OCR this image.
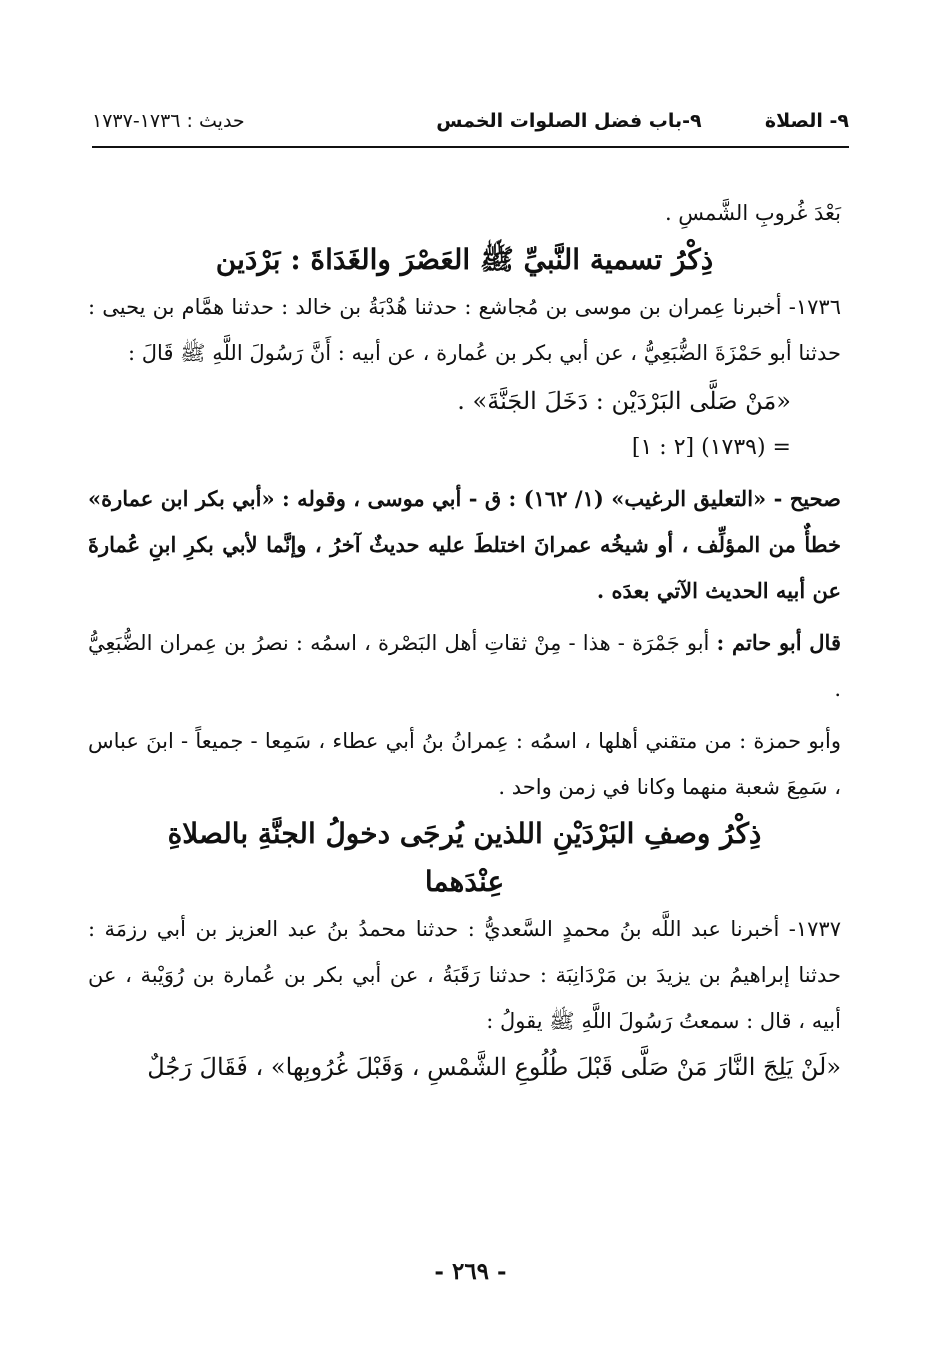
٩- الصلاة  ٩-باب فضل الصلوات الخمس
حديث : ١٧٣٦-١٧٣٧

بَعْدَ غُروبِ الشَّمسِ .

ذِكْرُ تسمية النَّبيِّ ﷺ العَصْرَ والغَدَاةَ : بَرْدَين

١٧٣٦- أخبرنا عِمران بن موسى بن مُجاشع : حدثنا هُدْبَةُ بن خالد : حدثنا همَّام بن يحيى : حدثنا أبو حَمْزَةَ الضُّبَعِيُّ ، عن أبي بكر بن عُمارة ، عن أبيه : أَنَّ رَسُولَ اللَّهِ ﷺ قَالَ :

«مَنْ صَلَّى البَرْدَيْن : دَخَلَ الجَنَّةَ» .

= (١٧٣٩) [٢ : ١]

صحيح - «التعليق الرغيب» (١/ ١٦٢) : ق - أبي موسى ، وقوله : «أبي بكر ابن عمارة» خطأٌ من المؤلِّف ، أو شيخُه عمرانَ اختلطَ عليه حديثٌ آخرُ ، وإنَّما لأبي بكرِ ابنِ عُمارةَ عن أبيه الحديث الآتي بعدَه .

قال أبو حاتم : أبو جَمْرَة - هذا - مِنْ ثقاتِ أهل البَصْرة ، اسمُه : نصرُ بن عِمران الضُّبَعِيُّ .

وأبو حمزة : من متقني أهلها ، اسمُه : عِمرانُ بنُ أبي عطاء ، سَمِعا - جميعاً - ابنَ عباس ، سَمِعَ شعبة منهما وكانا في زمن واحد .

ذِكْرُ وصفِ البَرْدَيْنِ اللذين يُرجَى دخولُ الجنَّةِ بالصلاةِ

عِنْدَهما

١٧٣٧- أخبرنا عبد اللَّه بنُ محمدٍ السَّعديُّ : حدثنا محمدُ بنُ عبد العزيز بن أبي رزمَة : حدثنا إبراهيمُ بن يزيدَ بن مَرْدَانِبَة : حدثنا رَقَبَةُ ، عن أبي بكر بن عُمارة بن رُوَيْبة ، عن أبيه ، قال : سمعتُ رَسُولَ اللَّهِ ﷺ يقولُ :

«لَنْ يَلِجَ النَّارَ مَنْ صَلَّى قَبْلَ طُلُوعِ الشَّمْسِ ، وَقَبْلَ غُرُوبِها» ، فَقَالَ رَجُلٌ

- ٢٦٩ -
